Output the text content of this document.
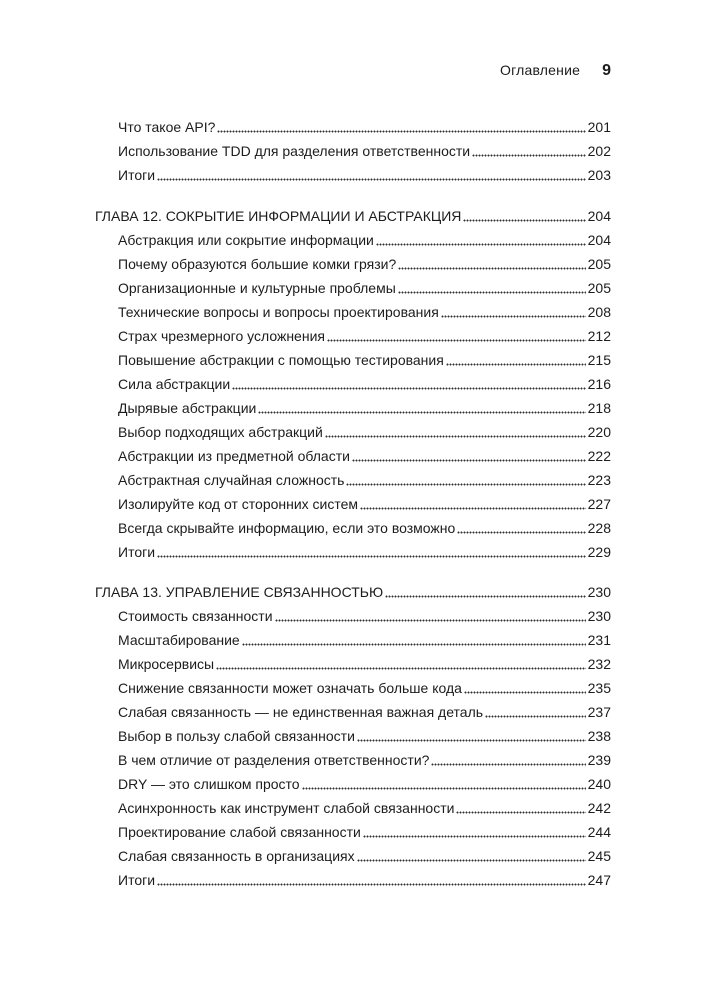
Оглавление 9
Что такое API?	201
Использование TDD для разделения ответственности	202
Итоги	203
ГЛАВА 12. СОКРЫТИЕ ИНФОРМАЦИИ И АБСТРАКЦИЯ	204
Абстракция или сокрытие информации	204
Почему образуются большие комки грязи?	205
Организационные и культурные проблемы	205
Технические вопросы и вопросы проектирования	208
Страх чрезмерного усложнения	212
Повышение абстракции с помощью тестирования	215
Сила абстракции	216
Дырявые абстракции	218
Выбор подходящих абстракций	220
Абстракции из предметной области	222
Абстрактная случайная сложность	223
Изолируйте код от сторонних систем	227
Всегда скрывайте информацию, если это возможно	228
Итоги	229
ГЛАВА 13. УПРАВЛЕНИЕ СВЯЗАННОСТЬЮ	230
Стоимость связанности	230
Масштабирование	231
Микросервисы	232
Снижение связанности может означать больше кода	235
Слабая связанность — не единственная важная деталь	237
Выбор в пользу слабой связанности	238
В чем отличие от разделения ответственности?	239
DRY — это слишком просто	240
Асинхронность как инструмент слабой связанности	242
Проектирование слабой связанности	244
Слабая связанность в организациях	245
Итоги	247
